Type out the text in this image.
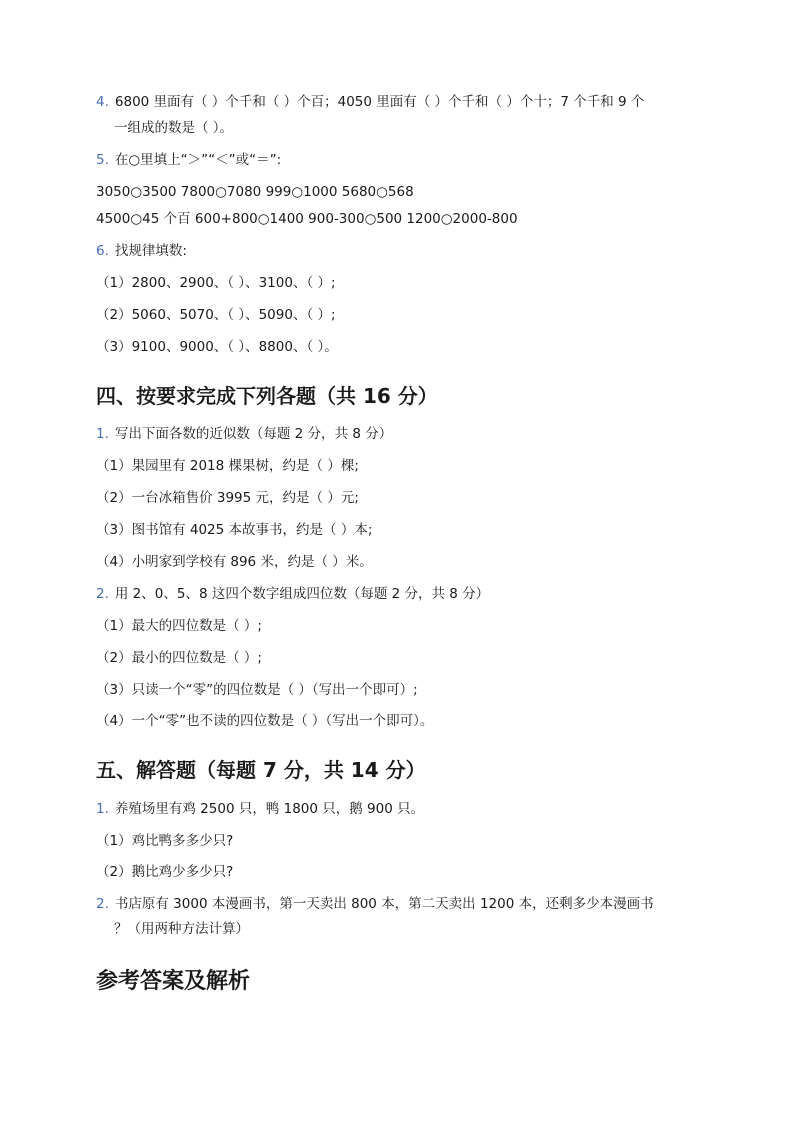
4. 6800 里面有（ ）个千和（ ）个百；4050 里面有（ ）个千和（ ）个十；7 个千和 9 个
一组成的数是（ ）。
5. 在○里填上“＞”“＜”或“＝”:
3050○3500 7800○7080 999○1000 5680○568
4500○45 个百 600+800○1400 900-300○500 1200○2000-800
6. 找规律填数:
（1）2800、2900、（ ）、3100、（ ）;
（2）5060、5070、（ ）、5090、（ ）;
（3）9100、9000、（ ）、8800、（ ）。
四、按要求完成下列各题（共 16 分）
1. 写出下面各数的近似数（每题 2 分，共 8 分）
（1）果园里有 2018 棵果树，约是（ ）棵;
（2）一台冰箱售价 3995 元，约是（ ）元;
（3）图书馆有 4025 本故事书，约是（ ）本;
（4）小明家到学校有 896 米，约是（ ）米。
2. 用 2、0、5、8 这四个数字组成四位数（每题 2 分，共 8 分）
（1）最大的四位数是（ ）;
（2）最小的四位数是（ ）;
（3）只读一个“零”的四位数是（ ）（写出一个即可）;
（4）一个“零”也不读的四位数是（ ）（写出一个即可）。
五、解答题（每题 7 分，共 14 分）
1. 养殖场里有鸡 2500 只，鸭 1800 只，鹅 900 只。
（1）鸡比鸭多多少只?
（2）鹅比鸡少多少只?
2. 书店原有 3000 本漫画书，第一天卖出 800 本，第二天卖出 1200 本，还剩多少本漫画书
？（用两种方法计算）
参考答案及解析
